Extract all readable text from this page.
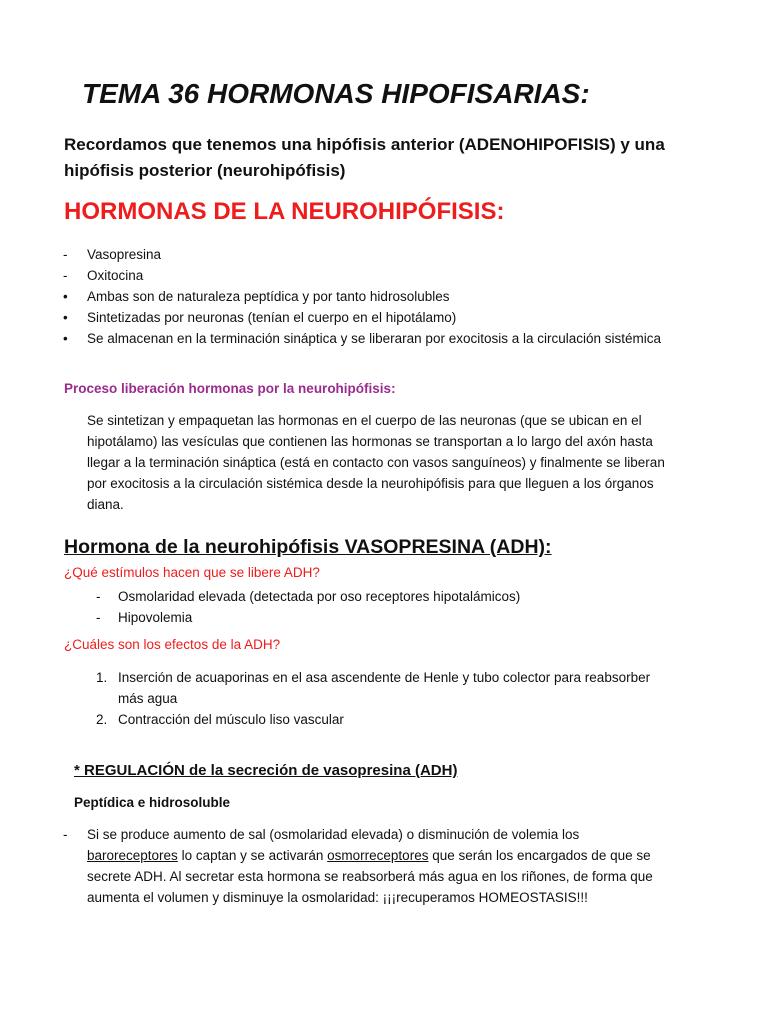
TEMA 36 HORMONAS HIPOFISARIAS:
Recordamos que tenemos una hipófisis anterior (ADENOHIPOFISIS) y una hipófisis posterior (neurohipófisis)
HORMONAS DE LA NEUROHIPÓFISIS:
-	Vasopresina
-	Oxitocina
•	Ambas son de naturaleza peptídica y por tanto hidrosolubles
•	Sintetizadas por neuronas (tenían el cuerpo en el hipotálamo)
•	Se almacenan en la terminación sináptica y se liberaran por exocitosis a la circulación sistémica
Proceso liberación hormonas por la neurohipófisis:
Se sintetizan y empaquetan las hormonas en el cuerpo de las neuronas (que se ubican en el hipotálamo) las vesículas que contienen las hormonas se transportan a lo largo del axón hasta llegar a la terminación sináptica (está en contacto con vasos sanguíneos) y finalmente se liberan por exocitosis a la circulación sistémica desde la neurohipófisis para que lleguen a los órganos diana.
Hormona de la neurohipófisis VASOPRESINA (ADH):
¿Qué estímulos hacen que se libere ADH?
-	Osmolaridad elevada (detectada por oso receptores hipotalámicos)
-	Hipovolemia
¿Cuáles son los efectos de la ADH?
1. Inserción de acuaporinas en el asa ascendente de Henle y tubo colector para reabsorber más agua
2. Contracción del músculo liso vascular
* REGULACIÓN de la secreción de vasopresina (ADH)
Peptídica e hidrosoluble
- Si se produce aumento de sal (osmolaridad elevada) o disminución de volemia los baroreceptores lo captan y se activarán osmorreceptores que serán los encargados de que se secrete ADH. Al secretar esta hormona se reabsorberá más agua en los riñones, de forma que aumenta el volumen y disminuye la osmolaridad: ¡¡¡recuperamos HOMEOSTASIS!!!
